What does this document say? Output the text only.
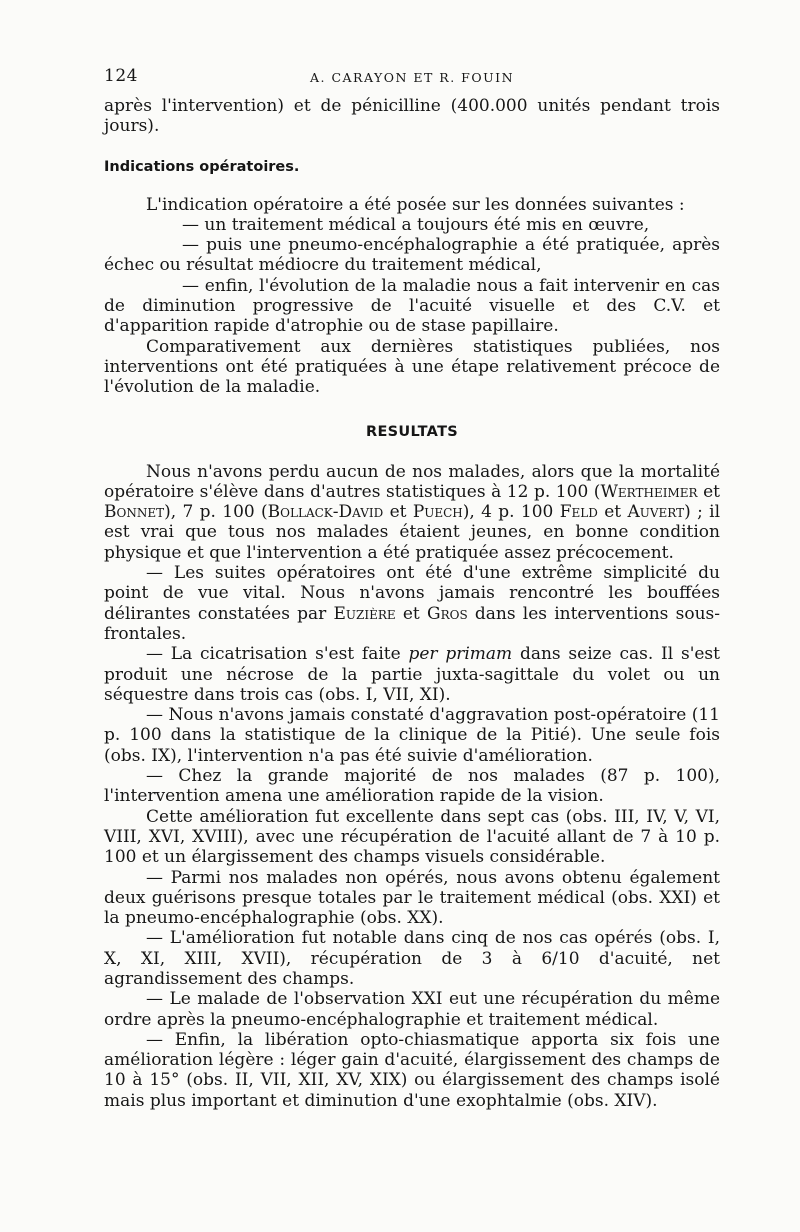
124	A. CARAYON ET R. FOUIN

après l'intervention) et de pénicilline (400.000 unités pendant trois jours).

Indications opératoires.

L'indication opératoire a été posée sur les données suivantes :

— un traitement médical a toujours été mis en œuvre,

— puis une pneumo-encéphalographie a été pratiquée, après échec ou résultat médiocre du traitement médical,

— enfin, l'évolution de la maladie nous a fait intervenir en cas de diminution progressive de l'acuité visuelle et des C.V. et d'apparition rapide d'atrophie ou de stase papillaire.

Comparativement aux dernières statistiques publiées, nos interventions ont été pratiquées à une étape relativement précoce de l'évolution de la maladie.

RESULTATS

Nous n'avons perdu aucun de nos malades, alors que la mortalité opératoire s'élève dans d'autres statistiques à 12 p. 100 (Wertheimer et Bonnet), 7 p. 100 (Bollack-David et Puech), 4 p. 100 Feld et Auvert) ; il est vrai que tous nos malades étaient jeunes, en bonne condition physique et que l'intervention a été pratiquée assez précocement.

— Les suites opératoires ont été d'une extrême simplicité du point de vue vital. Nous n'avons jamais rencontré les bouffées délirantes constatées par Euzière et Gros dans les interventions sous-frontales.

— La cicatrisation s'est faite per primam dans seize cas. Il s'est produit une nécrose de la partie juxta-sagittale du volet ou un séquestre dans trois cas (obs. I, VII, XI).

— Nous n'avons jamais constaté d'aggravation post-opératoire (11 p. 100 dans la statistique de la clinique de la Pitié). Une seule fois (obs. IX), l'intervention n'a pas été suivie d'amélioration.

— Chez la grande majorité de nos malades (87 p. 100), l'intervention amena une amélioration rapide de la vision.

Cette amélioration fut excellente dans sept cas (obs. III, IV, V, VI, VIII, XVI, XVIII), avec une récupération de l'acuité allant de 7 à 10 p. 100 et un élargissement des champs visuels considérable.

— Parmi nos malades non opérés, nous avons obtenu également deux guérisons presque totales par le traitement médical (obs. XXI) et la pneumo-encéphalographie (obs. XX).

— L'amélioration fut notable dans cinq de nos cas opérés (obs. I, X, XI, XIII, XVII), récupération de 3 à 6/10 d'acuité, net agrandissement des champs.

— Le malade de l'observation XXI eut une récupération du même ordre après la pneumo-encéphalographie et traitement médical.

— Enfin, la libération opto-chiasmatique apporta six fois une amélioration légère : léger gain d'acuité, élargissement des champs de 10 à 15° (obs. II, VII, XII, XV, XIX) ou élargissement des champs isolé mais plus important et diminution d'une exophtalmie (obs. XIV).
